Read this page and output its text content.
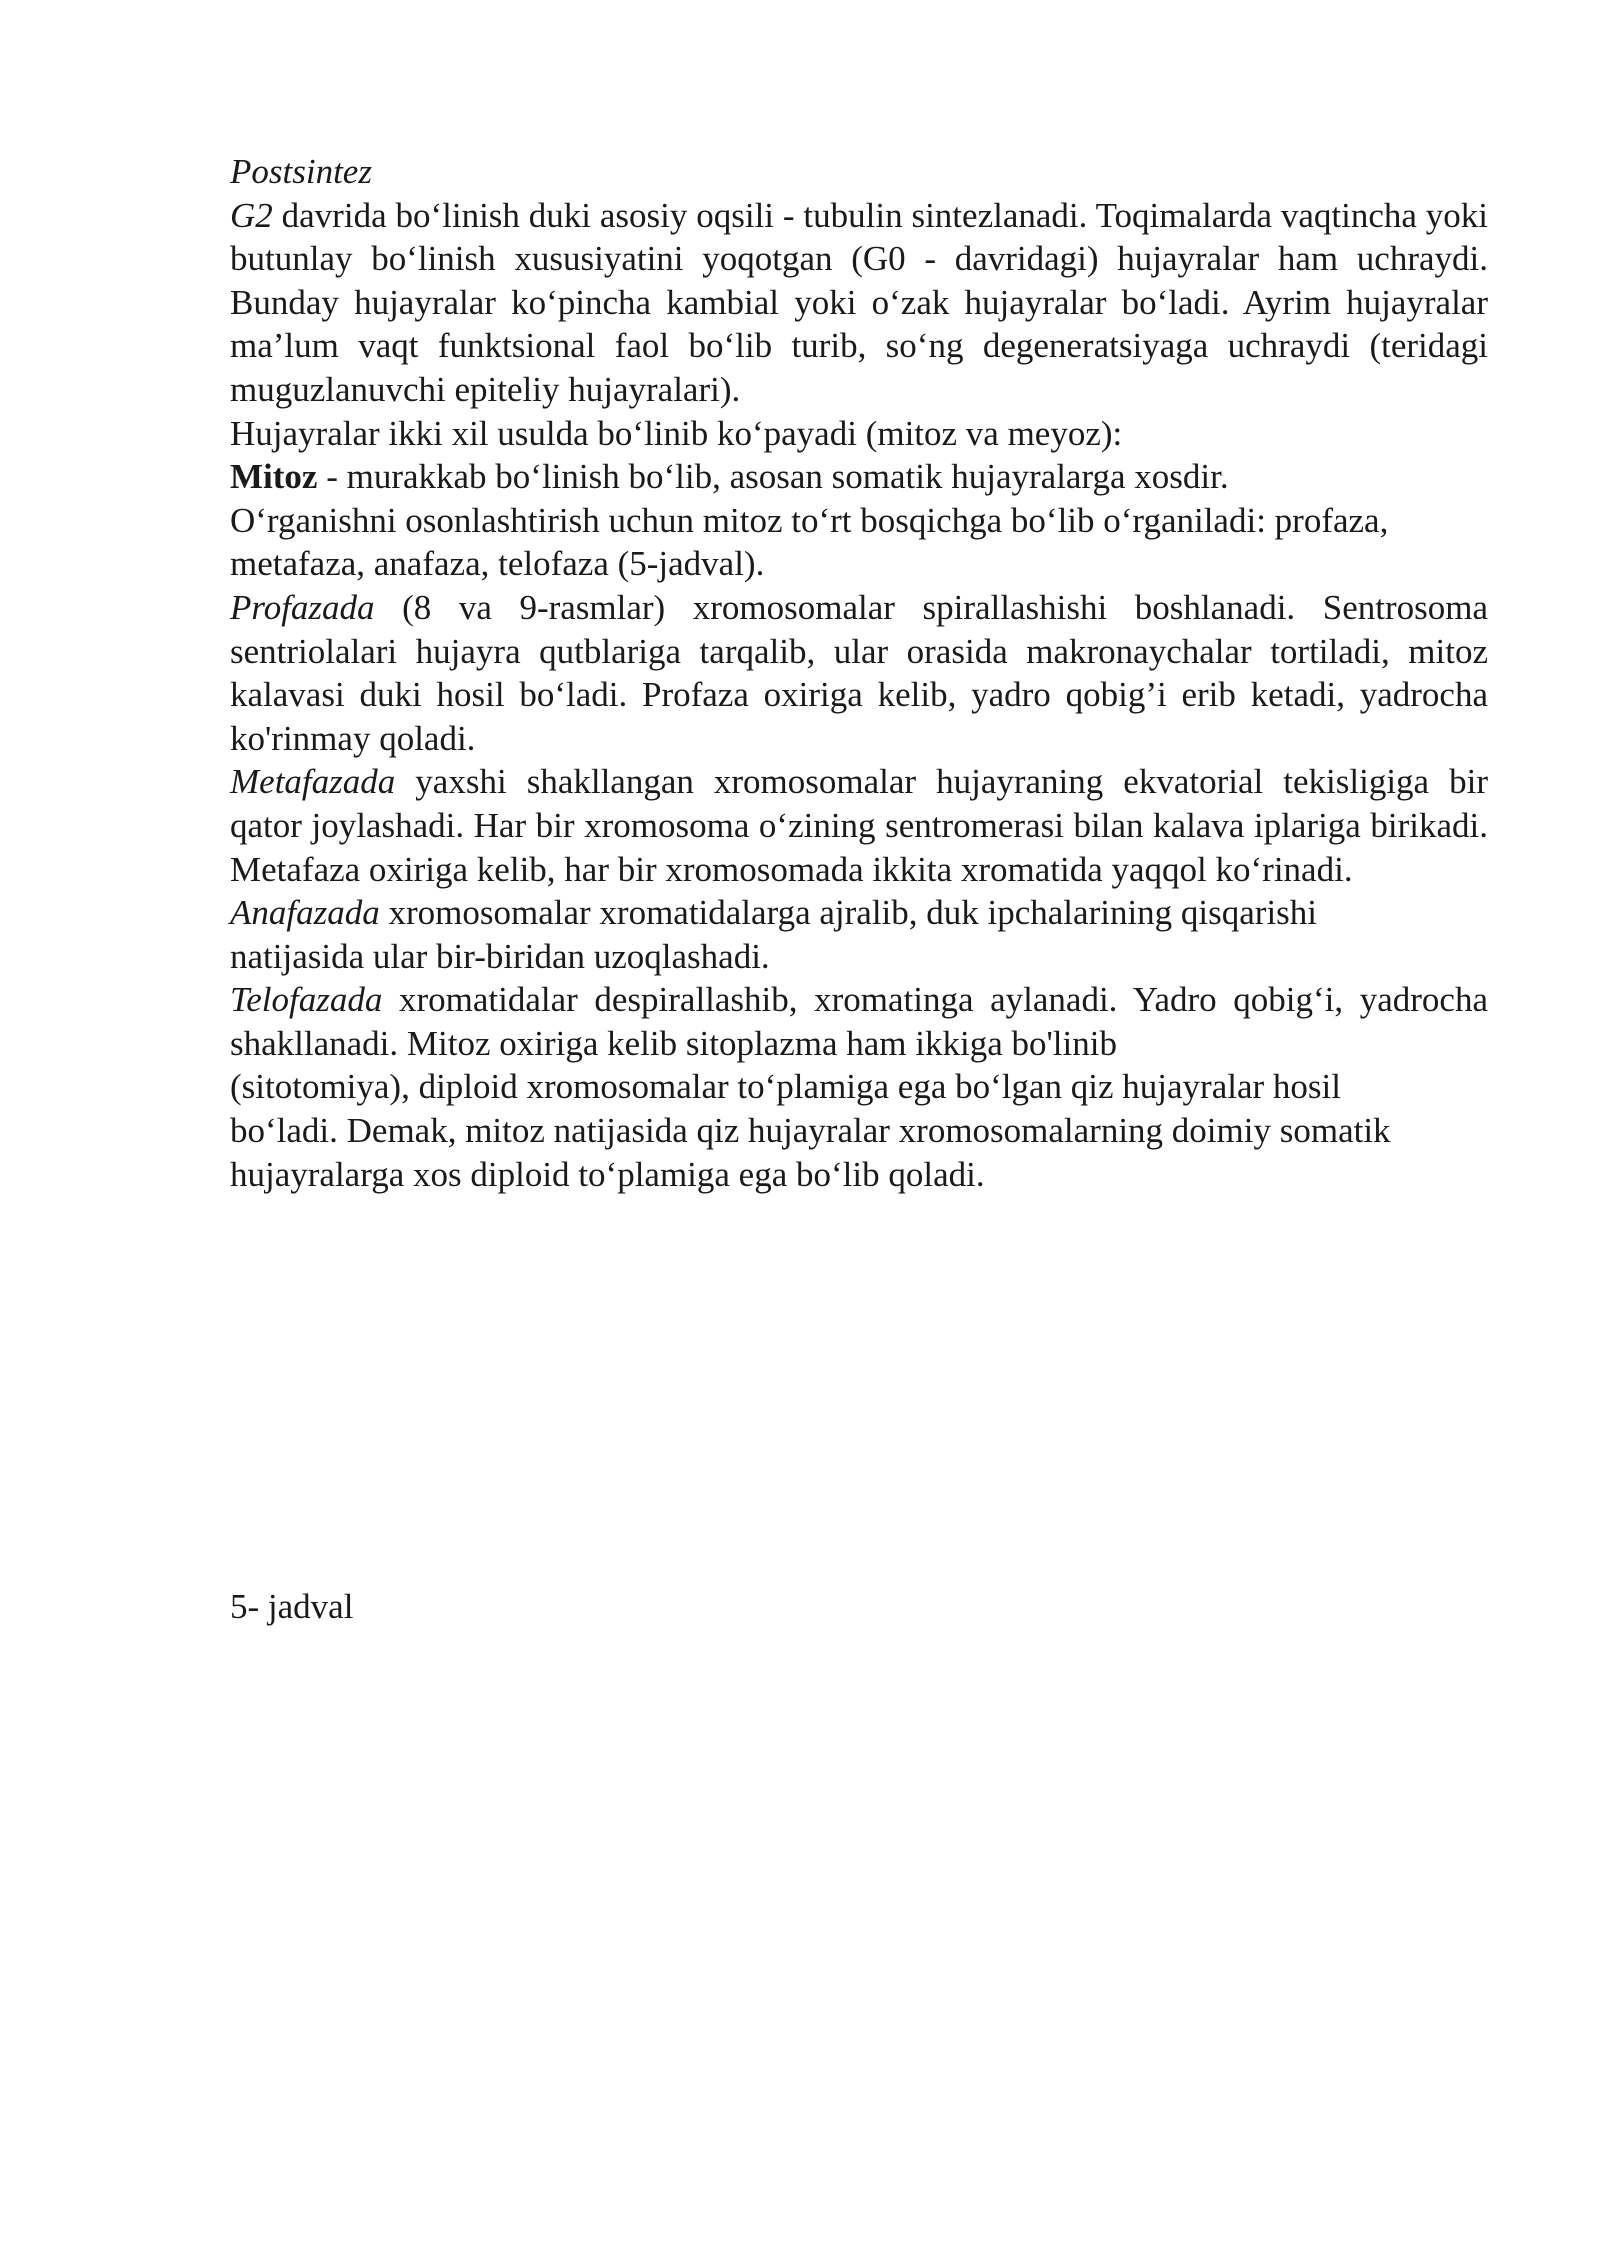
Postsintez

G2 davrida bo‘linish duki asosiy oqsili - tubulin sintezlanadi. Toqimalarda vaqtincha yoki butunlay bo‘linish xususiyatini yoqotgan (G0 - davridagi) hujayralar ham uchraydi. Bunday hujayralar ko‘pincha kambial yoki o‘zak hujayralar bo‘ladi. Ayrim hujayralar ma’lum vaqt funktsional faol bo‘lib turib, so‘ng degeneratsiyaga uchraydi (teridagi muguzlanuvchi epiteliy hujayralari).

Hujayralar ikki xil usulda bo‘linib ko‘payadi (mitoz va meyoz):

Mitoz - murakkab bo‘linish bo‘lib, asosan somatik hujayralarga xosdir.

O‘rganishni osonlashtirish uchun mitoz to‘rt bosqichga bo‘lib o‘rganiladi: profaza,

metafaza, anafaza, telofaza (5-jadval).

Profazada (8 va 9-rasmlar) xromosomalar spirallashishi boshlanadi. Sentrosoma sentriolalari hujayra qutblariga tarqalib, ular orasida makronaychalar tortiladi, mitoz kalavasi duki hosil bo‘ladi. Profaza oxiriga kelib, yadro qobig’i erib ketadi, yadrocha ko'rinmay qoladi.

Metafazada yaxshi shakllangan xromosomalar hujayraning ekvatorial tekisligiga bir qator joylashadi. Har bir xromosoma o‘zining sentromerasi bilan kalava iplariga birikadi. Metafaza oxiriga kelib, har bir xromosomada ikkita xromatida yaqqol ko‘rinadi.

Anafazada xromosomalar xromatidalarga ajralib, duk ipchalarining qisqarishi

natijasida ular bir-biridan uzoqlashadi.

Telofazada xromatidalar despirallashib, xromatinga aylanadi. Yadro qobig‘i, yadrocha shakllanadi. Mitoz oxiriga kelib sitoplazma ham ikkiga bo'linib

(sitotomiya), diploid xromosomalar to‘plamiga ega bo‘lgan qiz hujayralar hosil

bo‘ladi. Demak, mitoz natijasida qiz hujayralar xromosomalarning doimiy somatik

hujayralarga xos diploid to‘plamiga ega bo‘lib qoladi.

5- jadval
